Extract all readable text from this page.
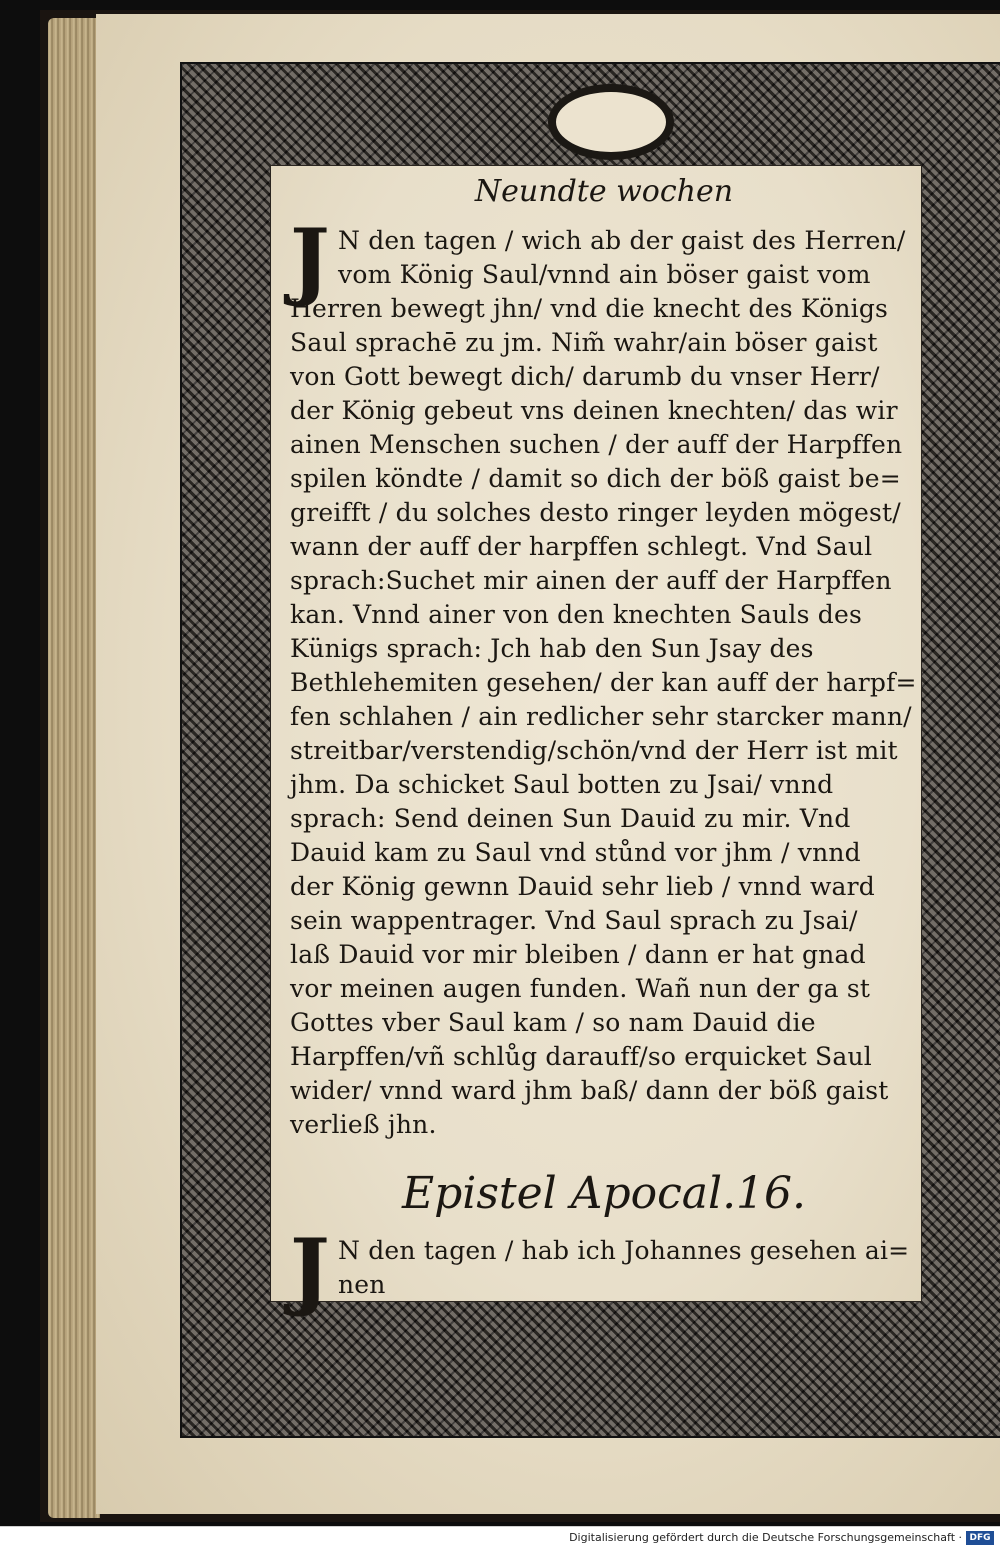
Neundte wochen
J N den tagen / wich ab der gaist des Herren/
vom König Saul/vnnd ain böser gaist vom
Herren bewegt jhn/ vnd die knecht des Königs
Saul sprachē zu jm. Nim̃ wahr/ain böser gaist
von Gott bewegt dich/ darumb du vnser Herr/
der König gebeut vns deinen knechten/ das wir
ainen Menschen suchen / der auff der Harpffen
spilen köndte / damit so dich der böß gaist be=
greifft / du solches desto ringer leyden mögest/
wann der auff der harpffen schlegt. Vnd Saul
sprach:Suchet mir ainen der auff der Harpffen
kan. Vnnd ainer von den knechten Sauls des
Künigs sprach: Jch hab den Sun Jsay des
Bethlehemiten gesehen/ der kan auff der harpf=
fen schlahen / ain redlicher sehr starcker mann/
streitbar/verstendig/schön/vnd der Herr ist mit
jhm. Da schicket Saul botten zu Jsai/ vnnd
sprach: Send deinen Sun Dauid zu mir. Vnd
Dauid kam zu Saul vnd stůnd vor jhm / vnnd
der König gewnn Dauid sehr lieb / vnnd ward
sein wappentrager. Vnd Saul sprach zu Jsai/
laß Dauid vor mir bleiben / dann er hat gnad
vor meinen augen funden. Wañ nun der ga st
Gottes vber Saul kam / so nam Dauid die
Harpffen/vñ schlůg darauff/so erquicket Saul
wider/ vnnd ward jhm baß/ dann der böß gaist
verließ jhn.
Epistel Apocal.16.
J N den tagen / hab ich Johannes gesehen ai=
nen
Digitalisierung gefördert durch die Deutsche Forschungsgemeinschaft · DFG
